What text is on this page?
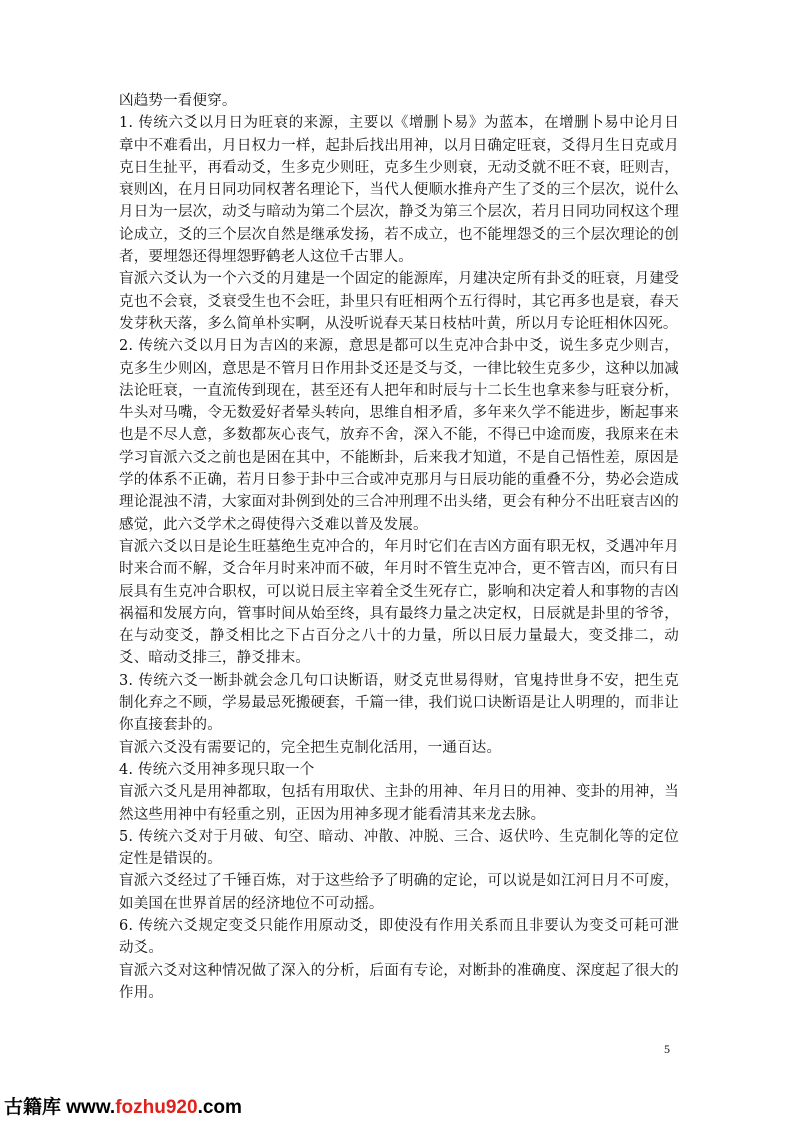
凶趋势一看便穿。

1. 传统六爻以月日为旺衰的来源，主要以《增删卜易》为蓝本，在增删卜易中论月日章中不难看出，月日权力一样，起卦后找出用神，以月日确定旺衰，爻得月生日克或月克日生扯平，再看动爻，生多克少则旺，克多生少则衰，无动爻就不旺不衰，旺则吉，衰则凶，在月日同功同权著名理论下，当代人便顺水推舟产生了爻的三个层次，说什么月日为一层次，动爻与暗动为第二个层次，静爻为第三个层次，若月日同功同权这个理论成立，爻的三个层次自然是继承发扬，若不成立，也不能埋怨爻的三个层次理论的创者，要埋怨还得埋怨野鹤老人这位千古罪人。

盲派六爻认为一个六爻的月建是一个固定的能源库，月建决定所有卦爻的旺衰，月建受克也不会衰，爻衰受生也不会旺，卦里只有旺相两个五行得时，其它再多也是衰，春天发芽秋天落，多么简单朴实啊，从没听说春天某日枝枯叶黄，所以月专论旺相休囚死。

2. 传统六爻以月日为吉凶的来源，意思是都可以生克冲合卦中爻，说生多克少则吉，克多生少则凶，意思是不管月日作用卦爻还是爻与爻，一律比较生克多少，这种以加减法论旺衰，一直流传到现在，甚至还有人把年和时辰与十二长生也拿来参与旺衰分析，牛头对马嘴，令无数爱好者晕头转向，思维自相矛盾，多年来久学不能进步，断起事来也是不尽人意，多数都灰心丧气，放弃不舍，深入不能，不得已中途而废，我原来在未学习盲派六爻之前也是困在其中，不能断卦，后来我才知道，不是自己悟性差，原因是学的体系不正确，若月日参于卦中三合或冲克那月与日辰功能的重叠不分，势必会造成理论混浊不清，大家面对卦例到处的三合冲刑理不出头绪，更会有种分不出旺衰吉凶的感觉，此六爻学术之碍使得六爻难以普及发展。

盲派六爻以日是论生旺墓绝生克冲合的，年月时它们在吉凶方面有职无权，爻遇冲年月时来合而不解，爻合年月时来冲而不破，年月时不管生克冲合，更不管吉凶，而只有日辰具有生克冲合职权，可以说日辰主宰着全爻生死存亡，影响和决定着人和事物的吉凶祸福和发展方向，管事时间从始至终，具有最终力量之决定权，日辰就是卦里的爷爷，在与动变爻，静爻相比之下占百分之八十的力量，所以日辰力量最大，变爻排二，动爻、暗动爻排三，静爻排末。

3. 传统六爻一断卦就会念几句口诀断语，财爻克世易得财，官鬼持世身不安，把生克制化弃之不顾，学易最忌死搬硬套，千篇一律，我们说口诀断语是让人明理的，而非让你直接套卦的。

盲派六爻没有需要记的，完全把生克制化活用，一通百达。

4. 传统六爻用神多现只取一个

盲派六爻凡是用神都取，包括有用取伏、主卦的用神、年月日的用神、变卦的用神，当然这些用神中有轻重之别，正因为用神多现才能看清其来龙去脉。

5. 传统六爻对于月破、旬空、暗动、冲散、冲脱、三合、返伏吟、生克制化等的定位定性是错误的。

盲派六爻经过了千锤百炼，对于这些给予了明确的定论，可以说是如江河日月不可废，如美国在世界首居的经济地位不可动摇。

6. 传统六爻规定变爻只能作用原动爻，即使没有作用关系而且非要认为变爻可耗可泄动爻。

盲派六爻对这种情况做了深入的分析，后面有专论，对断卦的准确度、深度起了很大的作用。

5
古籍库 www.fozhu920.com
